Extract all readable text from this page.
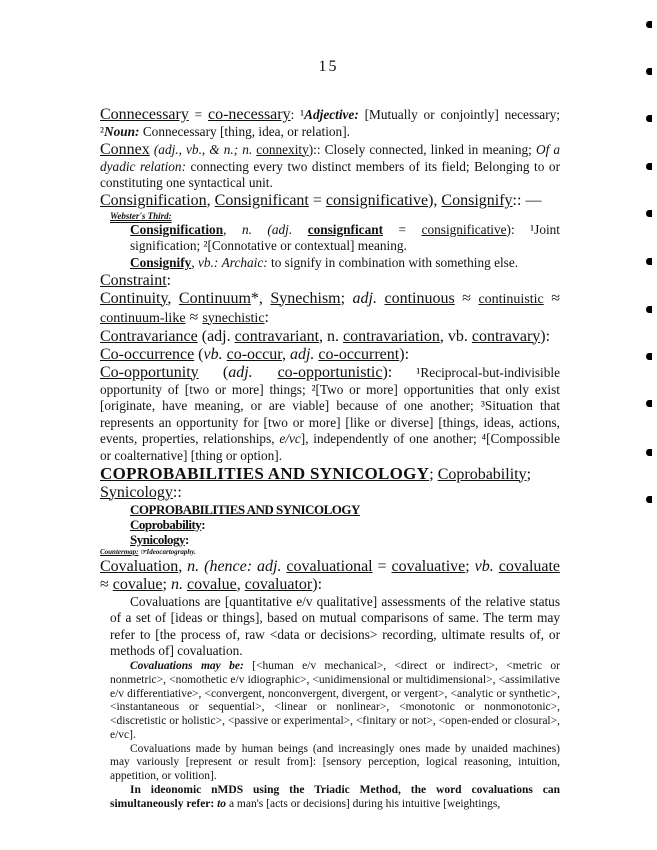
15
Connecessary = co-necessary: ¹Adjective: [Mutually or conjointly] necessary; ²Noun: Connecessary [thing, idea, or relation].
Connex (adj., vb., & n.; n. connexity):: Closely connected, linked in meaning; Of a dyadic relation: connecting every two distinct members of its field; Belonging to or constituting one syntactical unit.
Consignification, Consignificant = consignificative), Consignify:: —
Webster's Third:
Consignification, n. (adj. consignficant = consignificative): ¹Joint signification; ²[Connotative or contextual] meaning.
Consignify, vb.: Archaic: to signify in combination with something else.
Constraint:
Continuity, Continuum*, Synechism; adj. continuous ≈ continuistic ≈ continuum-like ≈ synechistic:
Contravariance (adj. contravariant, n. contravariation, vb. contravary):
Co-occurrence (vb. co-occur, adj. co-occurrent):
Co-opportunity (adj. co-opportunistic): ¹Reciprocal-but-indivisible opportunity of [two or more] things; ²[Two or more] opportunities that only exist [originate, have meaning, or are viable] because of one another; ³Situation that represents an opportunity for [two or more] [like or diverse] [things, ideas, actions, events, properties, relationships, e/vc], independently of one another; ⁴[Compossible or coalternative] [thing or option].
COPROBABILITIES AND SYNICOLOGY; Coprobability; Synicology::
COPROBABILITIES AND SYNICOLOGY
Coprobability:
Synicology:
Countermap: ☞Ideocartography.
Covaluation, n. (hence: adj. covaluational = covaluative; vb. covaluate ≈ covalue; n. covalue, covaluator):
Covaluations are [quantitative e/v qualitative] assessments of the relative status of a set of [ideas or things], based on mutual comparisons of same. The term may refer to [the process of, raw <data or decisions> recording, ultimate results of, or methods of] covaluation.
Covaluations may be: [<human e/v mechanical>, <direct or indirect>, <metric or nonmetric>, <nomothetic e/v idiographic>, <unidimensional or multidimensional>, <assimilative e/v differentiative>, <convergent, nonconvergent, divergent, or vergent>, <analytic or synthetic>, <instantaneous or sequential>, <linear or nonlinear>, <monotonic or nonmonotonic>, <discretistic or holistic>, <passive or experimental>, <finitary or not>, <open-ended or closural>, e/vc].
Covaluations made by human beings (and increasingly ones made by unaided machines) may variously [represent or result from]: [sensory perception, logical reasoning, intuition, appetition, or volition].
In ideonomic nMDS using the Triadic Method, the word covaluations can simultaneously refer: to a man's [acts or decisions] during his intuitive [weightings,
